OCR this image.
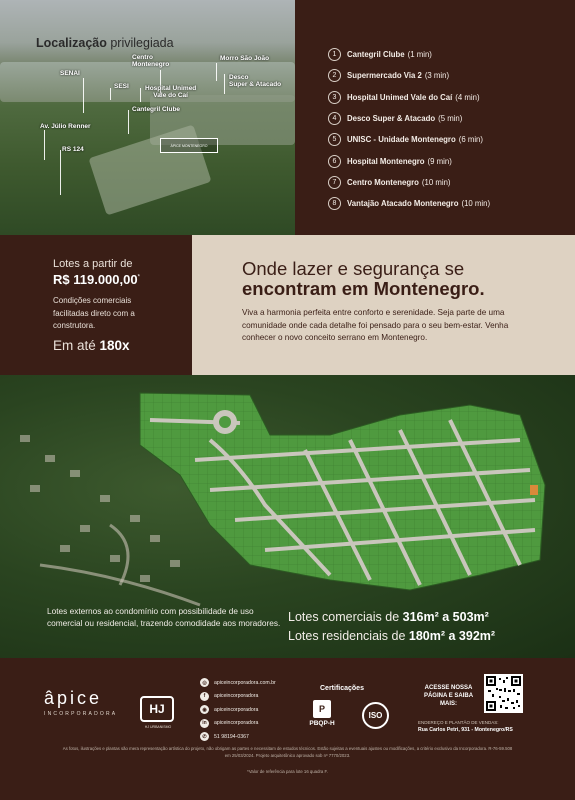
Localização privilegiada
SENAI
Centro
Montenegro
Morro São João
SESI Hospital Unimed
Vale do Caí
Desco
Super & Atacado
Cantegril Clube
Av. Júlio Renner
RS 124
ÁPICE MONTENEGRO
1	Cantegril Clube (1 min)
2	Supermercado Via 2 (3 min)
3	Hospital Unimed Vale do Caí (4 min)
4	Desco Super & Atacado (5 min)
5	UNISC - Unidade Montenegro (6 min)
6	Hospital Montenegro (9 min)
7	Centro Montenegro (10 min)
8	Vantajão Atacado Montenegro (10 min)
Lotes a partir de
R$ 119.000,00*
Condições comerciais facilitadas direto com a construtora.
Em até 180x
Onde lazer e segurança se
encontram em Montenegro.
Viva a harmonia perfeita entre conforto e serenidade. Seja parte de uma comunidade onde cada detalhe foi pensado para o seu bem-estar. Venha conhecer o novo conceito serrano em Montenegro.
Lotes externos ao condomínio com possibilidade de uso comercial ou residencial, trazendo comodidade aos moradores. Lotes comerciais de 316m² a 503m²
Lotes residenciais de 180m² a 392m²
âpice
INCORPORADORA	HJ
HJ URBANISMO
◎	apiceincorporadora.com.br
f	apiceincorporadora
◉	apiceincorporadora
in	apiceincorporadora
✆	51 98194-0367
Certificações
P
PBQP-H
ISO
ACESSE NOSSA PÁGINA E SAIBA MAIS:
ENDEREÇO E PLANTÃO DE VENDAS:
Rua Carlos Petri, 931 - Montenegro/RS
As fotos, ilustrações e plantas são mera representação artística do projeto, não obrigam as partes e necessitam de estudos técnicos. Estão sujeitas a eventuais ajustes ou modificações, a critério exclusivo da Incorporadora. R-76-59.508 em 25/03/2024. Projeto arquitetônico aprovado sob nº 7770/2023.
*Valor de referência para lote 16 quadra F.
